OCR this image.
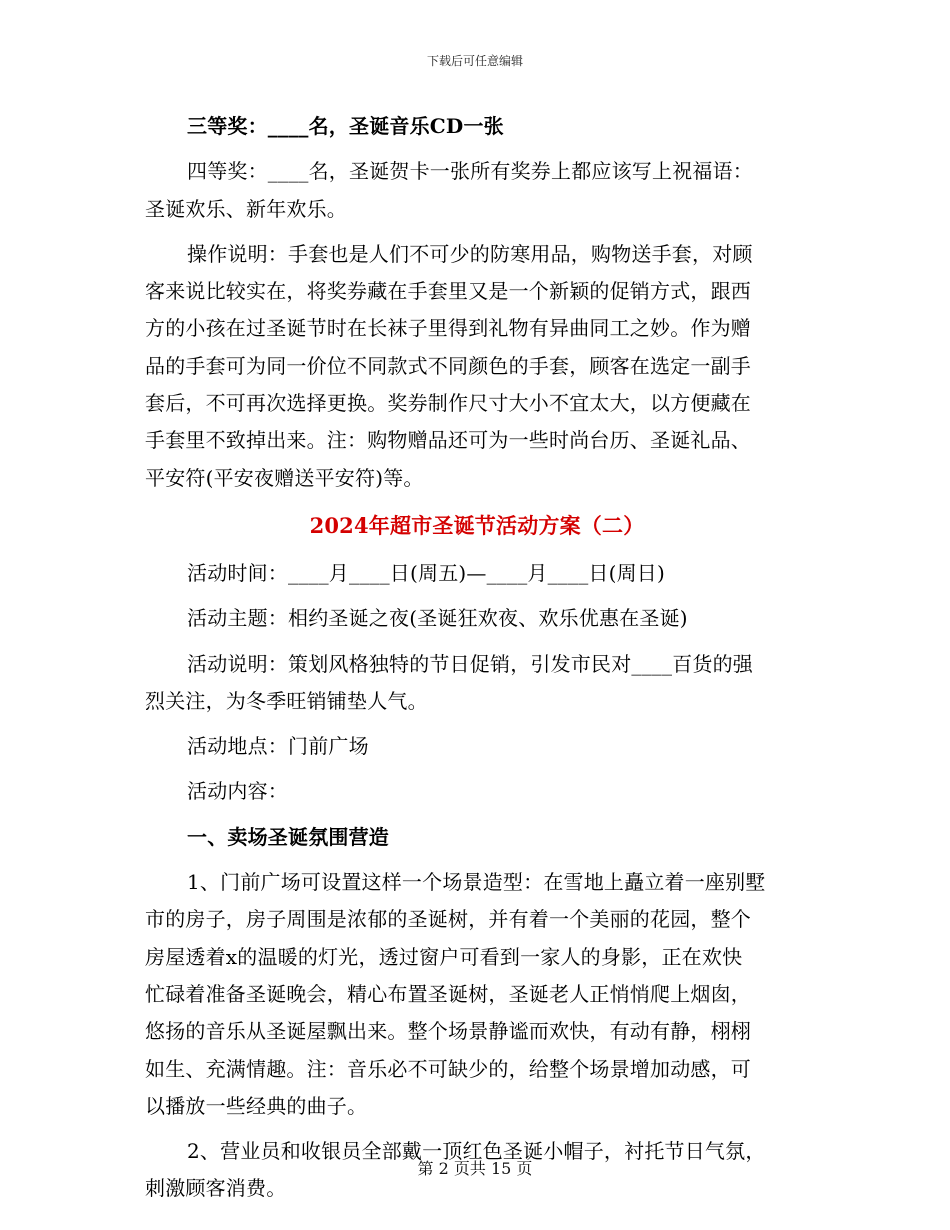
下载后可任意编辑
三等奖：____名，圣诞音乐CD一张
四等奖：____名，圣诞贺卡一张所有奖券上都应该写上祝福语：
圣诞欢乐、新年欢乐。
操作说明：手套也是人们不可少的防寒用品，购物送手套，对顾
客来说比较实在，将奖券藏在手套里又是一个新颖的促销方式，跟西
方的小孩在过圣诞节时在长袜子里得到礼物有异曲同工之妙。作为赠
品的手套可为同一价位不同款式不同颜色的手套，顾客在选定一副手
套后，不可再次选择更换。奖券制作尺寸大小不宜太大，以方便藏在
手套里不致掉出来。注：购物赠品还可为一些时尚台历、圣诞礼品、
平安符(平安夜赠送平安符)等。
2024年超市圣诞节活动方案（二）
活动时间：____月____日(周五)—____月____日(周日)
活动主题：相约圣诞之夜(圣诞狂欢夜、欢乐优惠在圣诞)
活动说明：策划风格独特的节日促销，引发市民对____百货的强
烈关注，为冬季旺销铺垫人气。
活动地点：门前广场
活动内容：
一、卖场圣诞氛围营造
1、门前广场可设置这样一个场景造型：在雪地上矗立着一座别墅
市的房子，房子周围是浓郁的圣诞树，并有着一个美丽的花园，整个
房屋透着x的温暖的灯光，透过窗户可看到一家人的身影，正在欢快
忙碌着准备圣诞晚会，精心布置圣诞树，圣诞老人正悄悄爬上烟囱，
悠扬的音乐从圣诞屋飘出来。整个场景静谧而欢快，有动有静，栩栩
如生、充满情趣。注：音乐必不可缺少的，给整个场景增加动感，可
以播放一些经典的曲子。
2、营业员和收银员全部戴一顶红色圣诞小帽子，衬托节日气氛，
刺激顾客消费。
第 2 页共 15 页
